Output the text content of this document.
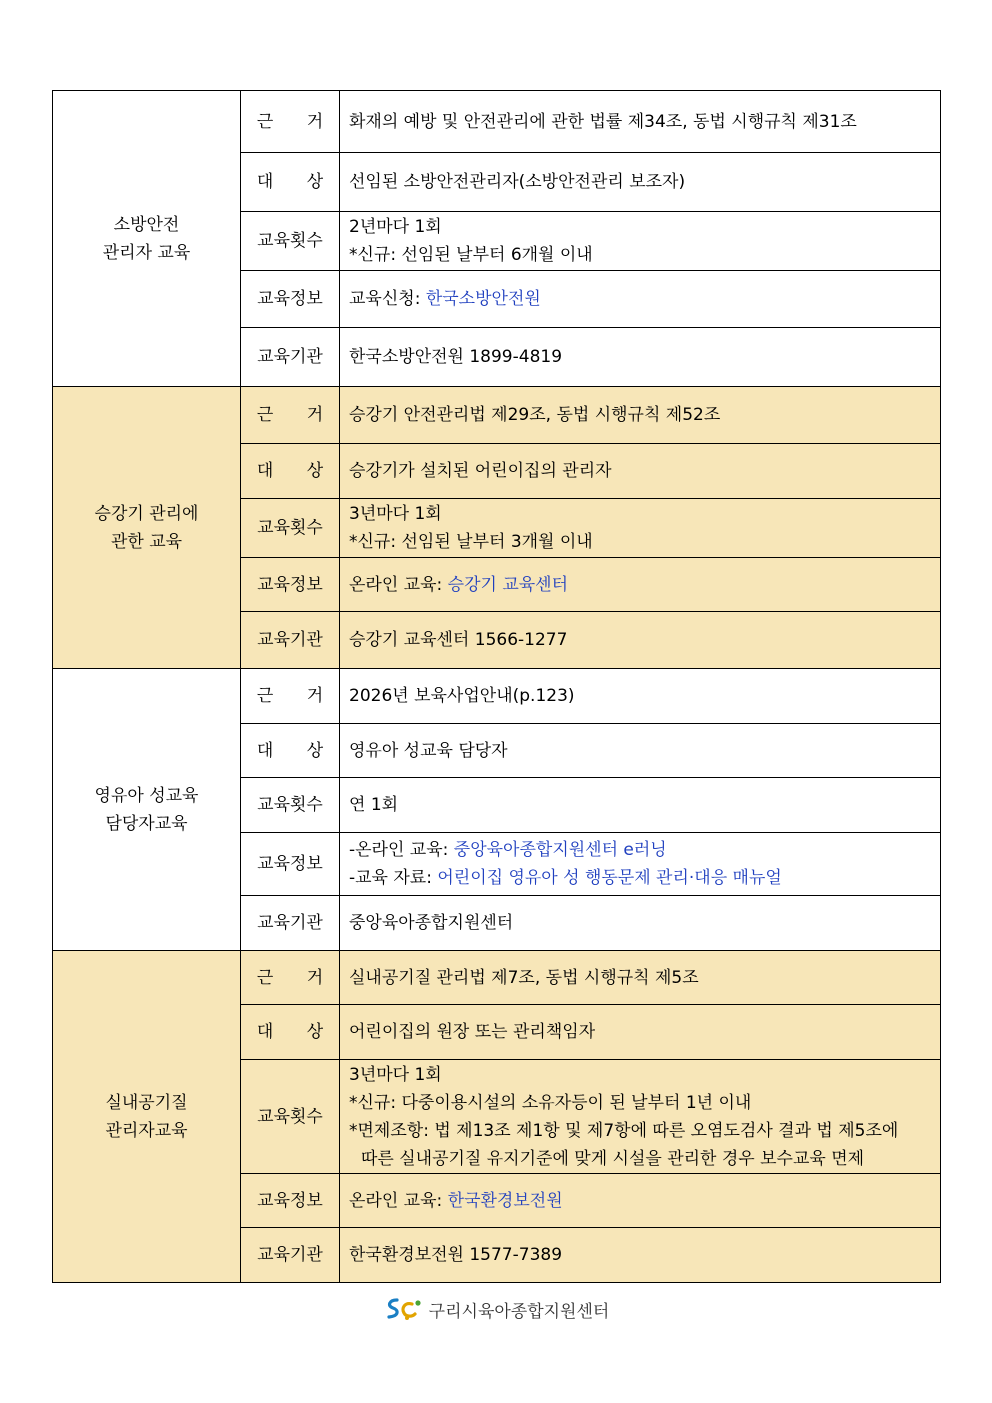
소방안전
관리자 교육	근 거	화재의 예방 및 안전관리에 관한 법률 제34조, 동법 시행규칙 제31조

	대 상	선임된 소방안전관리자(소방안전관리 보조자)

	교육횟수	2년마다 1회
*신규: 선임된 날부터 6개월 이내

	교육정보	교육신청: 한국소방안전원

	교육기관	한국소방안전원 1899-4819

승강기 관리에
관한 교육	근 거	승강기 안전관리법 제29조, 동법 시행규칙 제52조

	대 상	승강기가 설치된 어린이집의 관리자

	교육횟수	3년마다 1회
*신규: 선임된 날부터 3개월 이내

	교육정보	온라인 교육: 승강기 교육센터

	교육기관	승강기 교육센터 1566-1277

영유아 성교육
담당자교육	근 거	2026년 보육사업안내(p.123)

	대 상	영유아 성교육 담당자

	교육횟수	연 1회

	교육정보	-온라인 교육: 중앙육아종합지원센터 e러닝
-교육 자료: 어린이집 영유아 성 행동문제 관리·대응 매뉴얼

	교육기관	중앙육아종합지원센터

실내공기질
관리자교육	근 거	실내공기질 관리법 제7조, 동법 시행규칙 제5조

	대 상	어린이집의 원장 또는 관리책임자

	교육횟수	3년마다 1회
*신규: 다중이용시설의 소유자등이 된 날부터 1년 이내
*면제조항: 법 제13조 제1항 및 제7항에 따른 오염도검사 결과 법 제5조에
따른 실내공기질 유지기준에 맞게 시설을 관리한 경우 보수교육 면제

	교육정보	온라인 교육: 한국환경보전원

	교육기관	한국환경보전원 1577-7389
구리시육아종합지원센터
